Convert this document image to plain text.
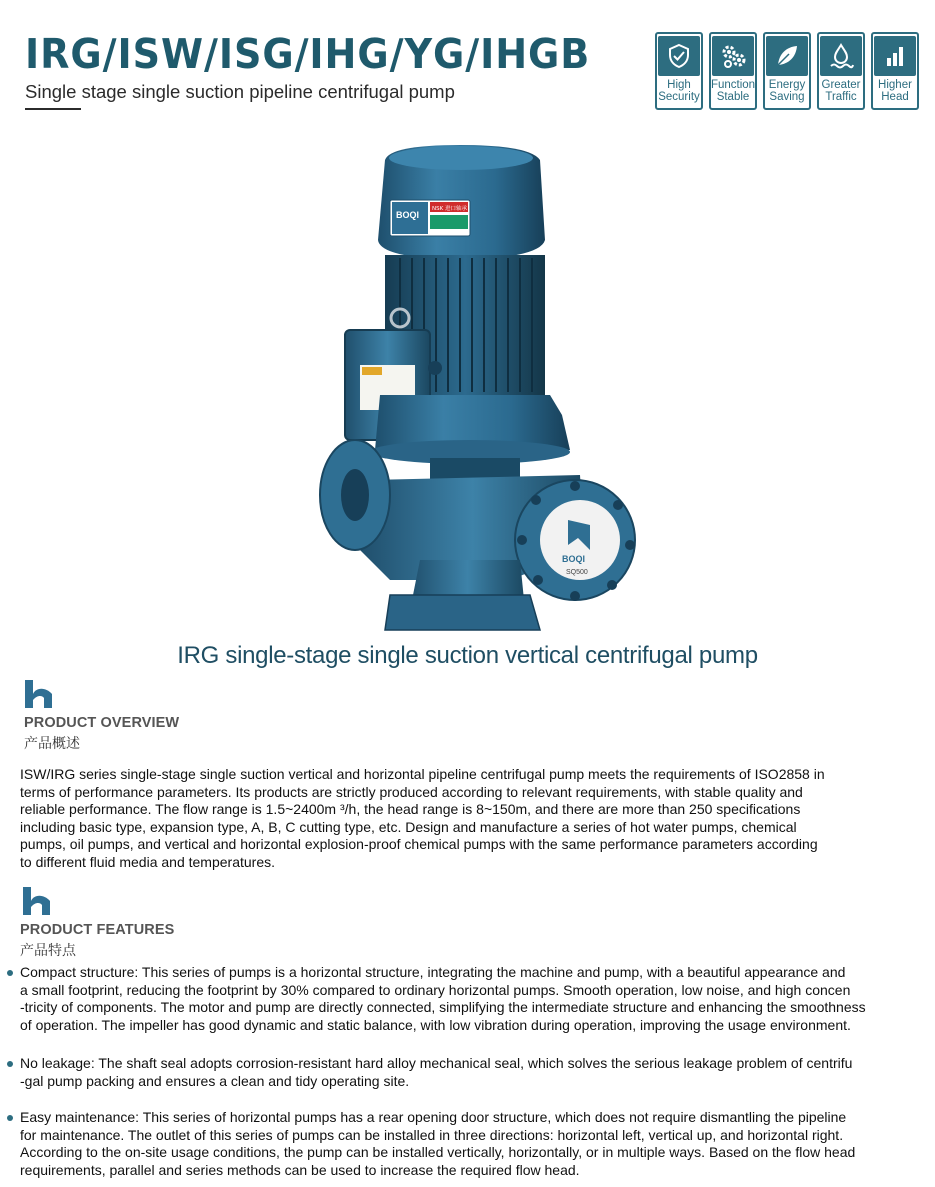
IRG/ISW/ISG/IHG/YG/IHGB
Single stage single suction pipeline centrifugal pump	High
Security
Function
Stable
Energy
Saving
Greater
Traffic
Higher
Head
BOQI
NSK 进口轴承
BOQI
SQ500
IRG single-stage single suction vertical centrifugal pump
PRODUCT OVERVIEW
产品概述
ISW/IRG series single-stage single suction vertical and horizontal pipeline centrifugal pump meets the requirements of ISO2858 in
terms of performance parameters. Its products are strictly produced according to relevant requirements, with stable quality and
reliable performance. The flow range is 1.5~2400m ³/h, the head range is 8~150m, and there are more than 250 specifications
including basic type, expansion type, A, B, C cutting type, etc. Design and manufacture a series of hot water pumps, chemical
pumps, oil pumps, and vertical and horizontal explosion-proof chemical pumps with the same performance parameters according
to different fluid media and temperatures.
PRODUCT FEATURES
产品特点
Compact structure: This series of pumps is a horizontal structure, integrating the machine and pump, with a beautiful appearance and
a small footprint, reducing the footprint by 30% compared to ordinary horizontal pumps. Smooth operation, low noise, and high concen
-tricity of components. The motor and pump are directly connected, simplifying the intermediate structure and enhancing the smoothness
of operation. The impeller has good dynamic and static balance, with low vibration during operation, improving the usage environment.
No leakage: The shaft seal adopts corrosion-resistant hard alloy mechanical seal, which solves the serious leakage problem of centrifu
-gal pump packing and ensures a clean and tidy operating site.
Easy maintenance: This series of horizontal pumps has a rear opening door structure, which does not require dismantling the pipeline
for maintenance. The outlet of this series of pumps can be installed in three directions: horizontal left, vertical up, and horizontal right.
According to the on-site usage conditions, the pump can be installed vertically, horizontally, or in multiple ways. Based on the flow head
requirements, parallel and series methods can be used to increase the required flow head.
